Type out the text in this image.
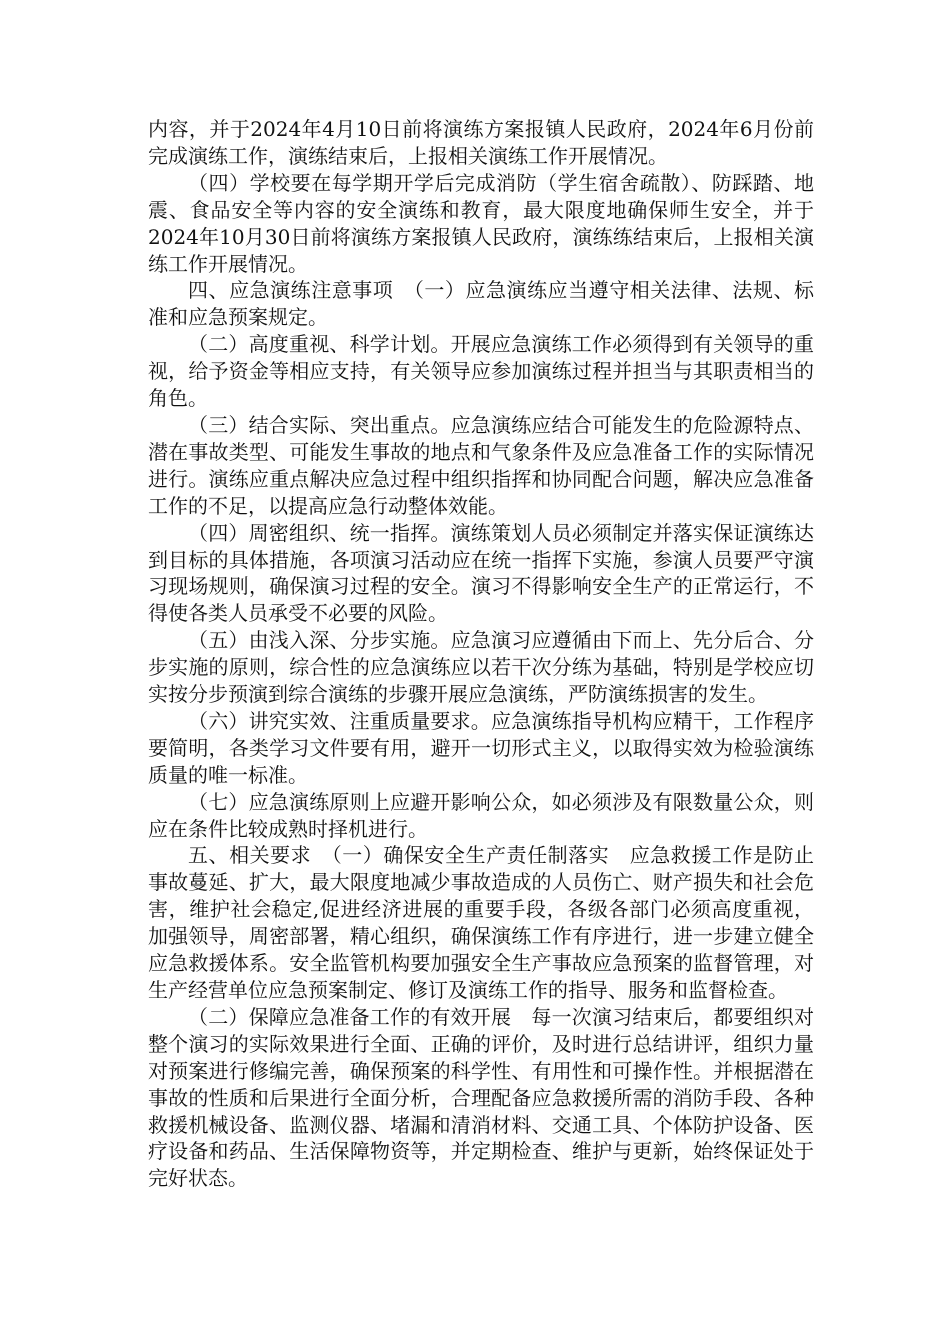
内容，并于2024年4月10日前将演练方案报镇人民政府，2024年6月份前完成演练工作，演练结束后，上报相关演练工作开展情况。

（四）学校要在每学期开学后完成消防（学生宿舍疏散）、防踩踏、地震、食品安全等内容的安全演练和教育，最大限度地确保师生安全，并于2024年10月30日前将演练方案报镇人民政府，演练练结束后，上报相关演练工作开展情况。

四、应急演练注意事项　（一）应急演练应当遵守相关法律、法规、标准和应急预案规定。

（二）高度重视、科学计划。开展应急演练工作必须得到有关领导的重视，给予资金等相应支持，有关领导应参加演练过程并担当与其职责相当的角色。

（三）结合实际、突出重点。应急演练应结合可能发生的危险源特点、潜在事故类型、可能发生事故的地点和气象条件及应急准备工作的实际情况进行。演练应重点解决应急过程中组织指挥和协同配合问题，解决应急准备工作的不足，以提高应急行动整体效能。

（四）周密组织、统一指挥。演练策划人员必须制定并落实保证演练达到目标的具体措施，各项演习活动应在统一指挥下实施，参演人员要严守演习现场规则，确保演习过程的安全。演习不得影响安全生产的正常运行，不得使各类人员承受不必要的风险。

（五）由浅入深、分步实施。应急演习应遵循由下而上、先分后合、分步实施的原则，综合性的应急演练应以若干次分练为基础，特别是学校应切实按分步预演到综合演练的步骤开展应急演练，严防演练损害的发生。

（六）讲究实效、注重质量要求。应急演练指导机构应精干，工作程序要简明，各类学习文件要有用，避开一切形式主义，以取得实效为检验演练质量的唯一标准。

（七）应急演练原则上应避开影响公众，如必须涉及有限数量公众，则应在条件比较成熟时择机进行。

五、相关要求　（一）确保安全生产责任制落实　应急救援工作是防止事故蔓延、扩大，最大限度地减少事故造成的人员伤亡、财产损失和社会危害，维护社会稳定,促进经济进展的重要手段，各级各部门必须高度重视，加强领导，周密部署，精心组织，确保演练工作有序进行，进一步建立健全应急救援体系。安全监管机构要加强安全生产事故应急预案的监督管理，对生产经营单位应急预案制定、修订及演练工作的指导、服务和监督检查。

（二）保障应急准备工作的有效开展　每一次演习结束后，都要组织对整个演习的实际效果进行全面、正确的评价，及时进行总结讲评，组织力量对预案进行修编完善，确保预案的科学性、有用性和可操作性。并根据潜在事故的性质和后果进行全面分析，合理配备应急救援所需的消防手段、各种救援机械设备、监测仪器、堵漏和清消材料、交通工具、个体防护设备、医疗设备和药品、生活保障物资等，并定期检查、维护与更新，始终保证处于完好状态。
